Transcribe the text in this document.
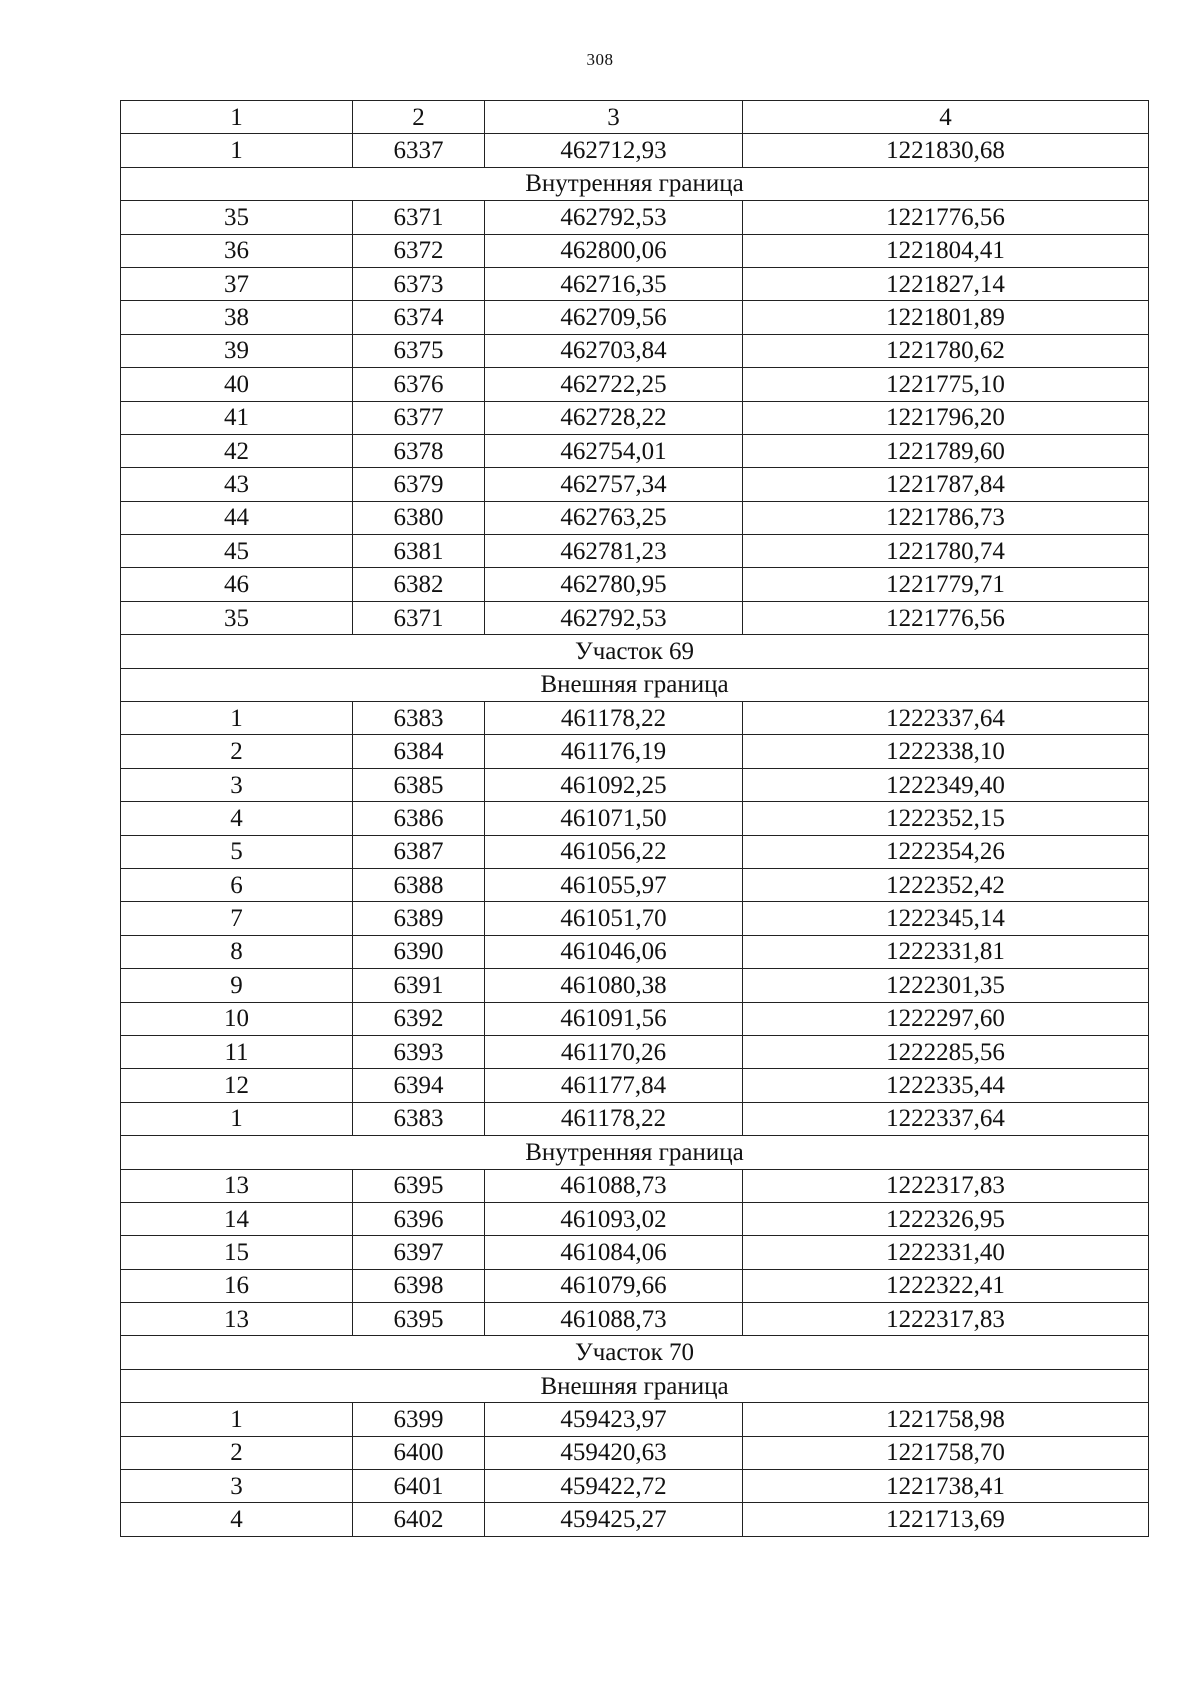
308
1	2	3	4
1	6337	462712,93	1221830,68
Внутренняя граница			
35	6371	462792,53	1221776,56
36	6372	462800,06	1221804,41
37	6373	462716,35	1221827,14
38	6374	462709,56	1221801,89
39	6375	462703,84	1221780,62
40	6376	462722,25	1221775,10
41	6377	462728,22	1221796,20
42	6378	462754,01	1221789,60
43	6379	462757,34	1221787,84
44	6380	462763,25	1221786,73
45	6381	462781,23	1221780,74
46	6382	462780,95	1221779,71
35	6371	462792,53	1221776,56
Участок 69			
Внешняя граница			
1	6383	461178,22	1222337,64
2	6384	461176,19	1222338,10
3	6385	461092,25	1222349,40
4	6386	461071,50	1222352,15
5	6387	461056,22	1222354,26
6	6388	461055,97	1222352,42
7	6389	461051,70	1222345,14
8	6390	461046,06	1222331,81
9	6391	461080,38	1222301,35
10	6392	461091,56	1222297,60
11	6393	461170,26	1222285,56
12	6394	461177,84	1222335,44
1	6383	461178,22	1222337,64
Внутренняя граница			
13	6395	461088,73	1222317,83
14	6396	461093,02	1222326,95
15	6397	461084,06	1222331,40
16	6398	461079,66	1222322,41
13	6395	461088,73	1222317,83
Участок 70			
Внешняя граница			
1	6399	459423,97	1221758,98
2	6400	459420,63	1221758,70
3	6401	459422,72	1221738,41
4	6402	459425,27	1221713,69
